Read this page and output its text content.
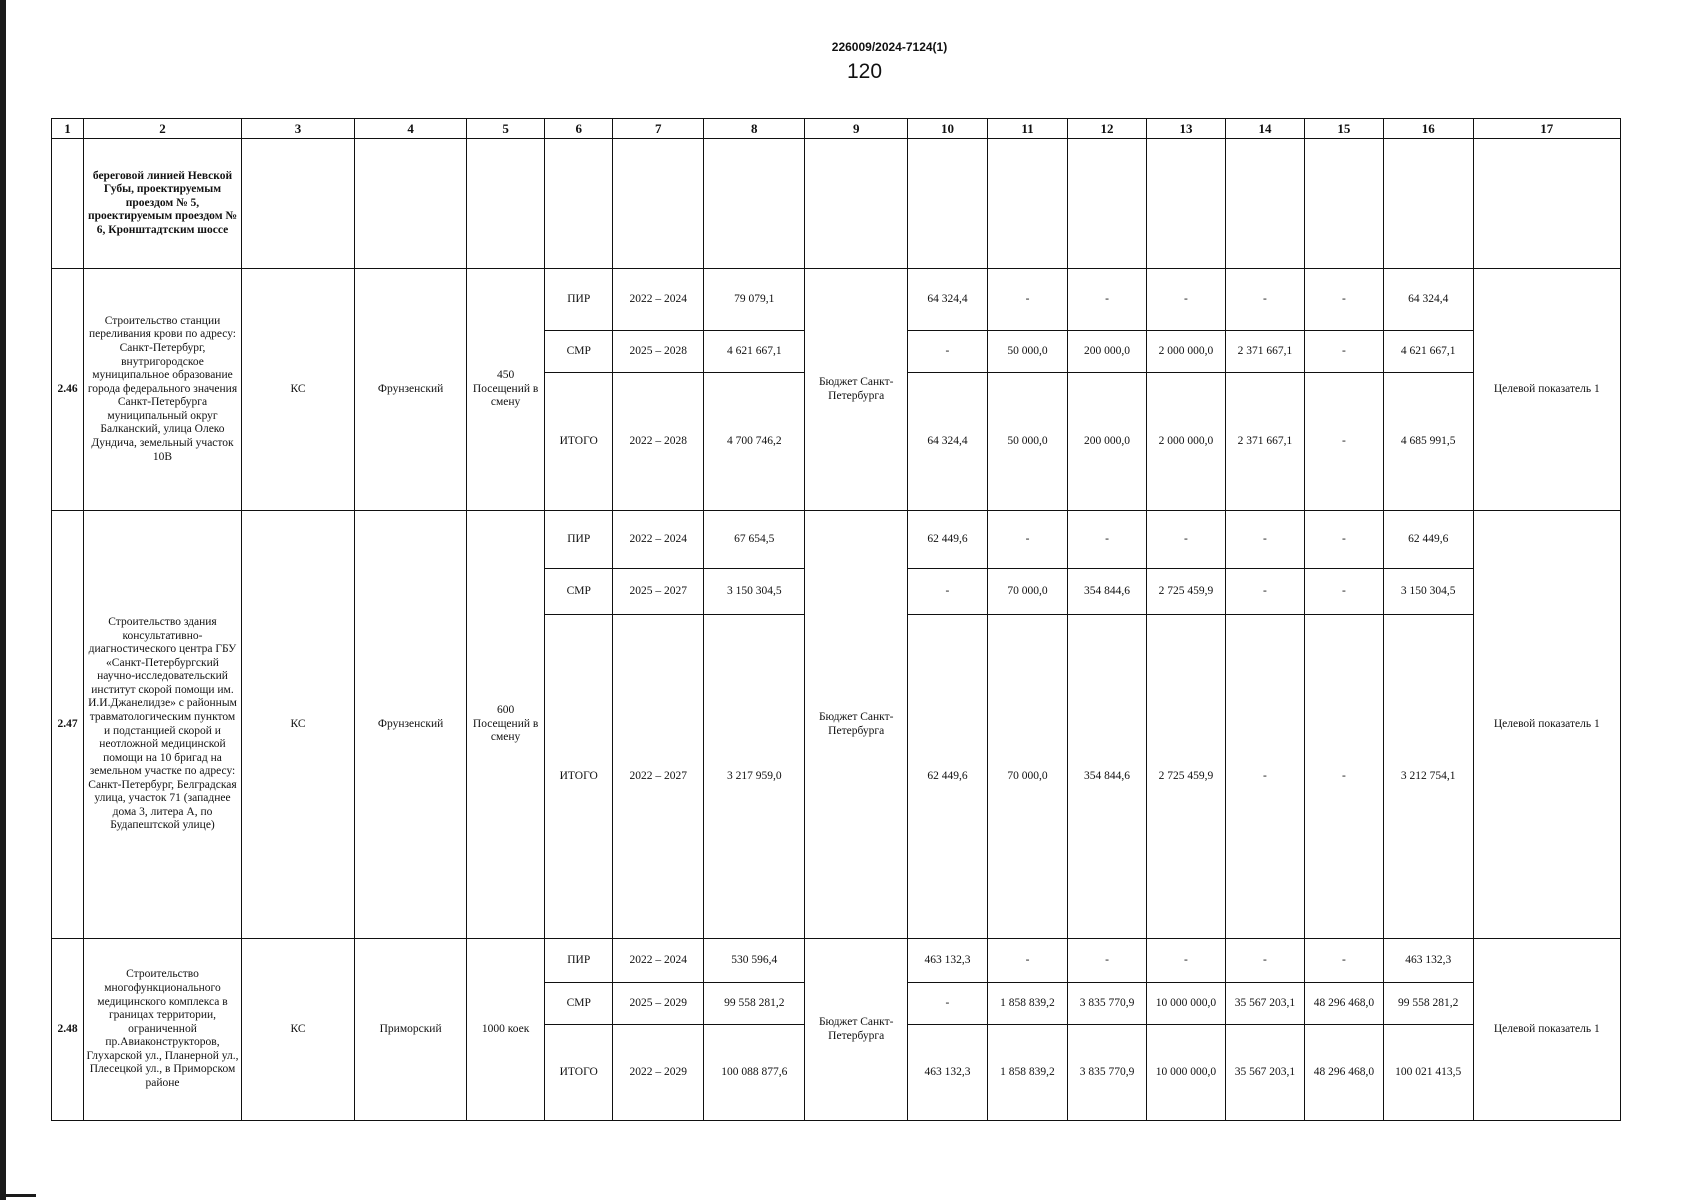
226009/2024-7124(1)
120
1	2	3	4	5	6	7	8	9	10	11	12	13	14	15	16	17
	береговой линией Невской Губы, проектируемым проездом № 5, проектируемым проездом № 6, Кронштадтским шоссе															
2.46	Строительство станции переливания крови по адресу: Санкт-Петербург, внутригородское муниципальное образование города федерального значения Санкт-Петербурга муниципальный округ Балканский, улица Олеко Дундича, земельный участок 10В	КС	Фрунзенский	450 Посещений в смену	ПИР	2022 – 2024	79 079,1	Бюджет Санкт-Петербурга	64 324,4	-	-	-	-	-	64 324,4	Целевой показатель 1
					СМР	2025 – 2028	4 621 667,1		-	50 000,0	200 000,0	2 000 000,0	2 371 667,1	-	4 621 667,1	
					ИТОГО	2022 – 2028	4 700 746,2		64 324,4	50 000,0	200 000,0	2 000 000,0	2 371 667,1	-	4 685 991,5	
2.47	Строительство здания консультативно-диагностического центра ГБУ «Санкт-Петербургский научно-исследовательский институт скорой помощи им. И.И.Джанелидзе» с районным травматологическим пунктом и подстанцией скорой и неотложной медицинской помощи на 10 бригад на земельном участке по адресу: Санкт-Петербург, Белградская улица, участок 71 (западнее дома 3, литера А, по Будапештской улице)	КС	Фрунзенский	600 Посещений в смену	ПИР	2022 – 2024	67 654,5	Бюджет Санкт-Петербурга	62 449,6	-	-	-	-	-	62 449,6	Целевой показатель 1
					СМР	2025 – 2027	3 150 304,5		-	70 000,0	354 844,6	2 725 459,9	-	-	3 150 304,5	
					ИТОГО	2022 – 2027	3 217 959,0		62 449,6	70 000,0	354 844,6	2 725 459,9	-	-	3 212 754,1	
2.48	Строительство многофункционального медицинского комплекса в границах территории, ограниченной пр.Авиаконструкторов, Глухарской ул., Планерной ул., Плесецкой ул., в Приморском районе	КС	Приморский	1000 коек	ПИР	2022 – 2024	530 596,4	Бюджет Санкт-Петербурга	463 132,3	-	-	-	-	-	463 132,3	Целевой показатель 1
					СМР	2025 – 2029	99 558 281,2		-	1 858 839,2	3 835 770,9	10 000 000,0	35 567 203,1	48 296 468,0	99 558 281,2	
					ИТОГО	2022 – 2029	100 088 877,6		463 132,3	1 858 839,2	3 835 770,9	10 000 000,0	35 567 203,1	48 296 468,0	100 021 413,5	
